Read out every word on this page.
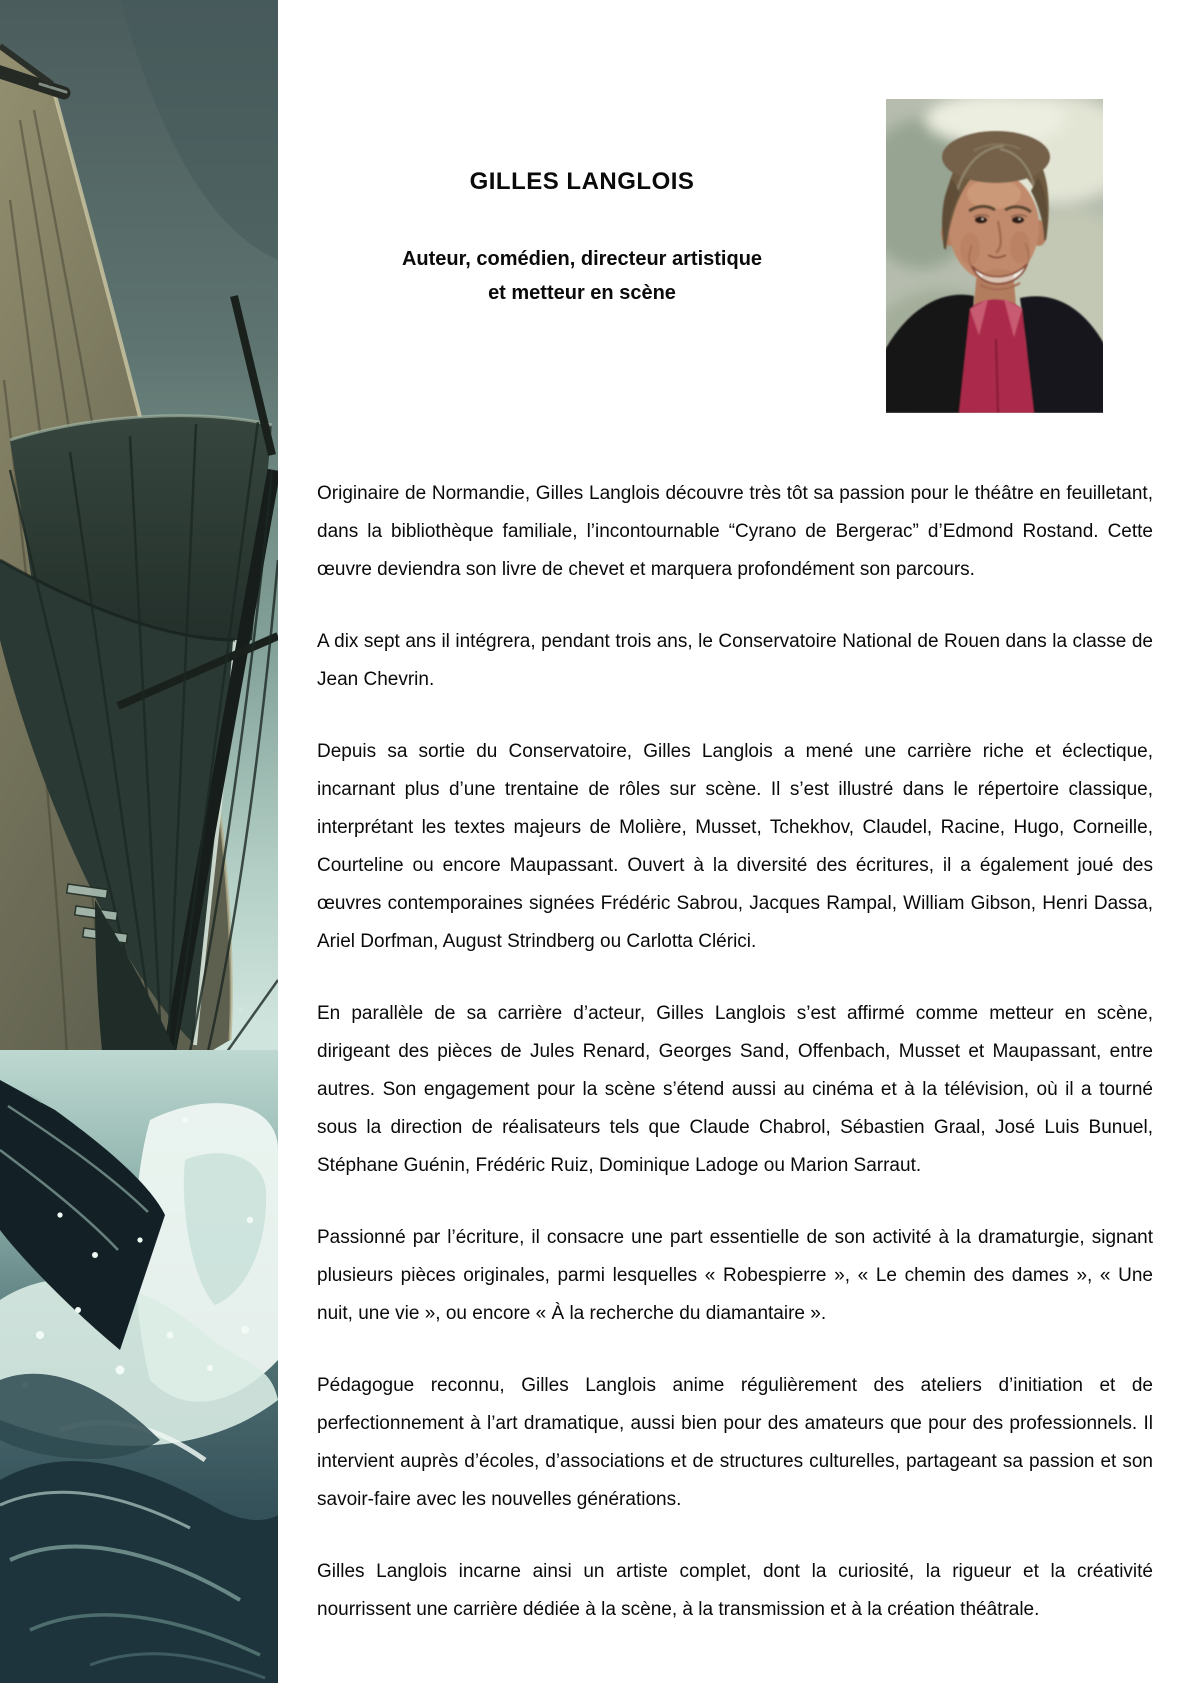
GILLES LANGLOIS
Auteur, comédien, directeur artistique
et metteur en scène

Originaire de Normandie, Gilles Langlois découvre très tôt sa passion pour le théâtre en feuilletant, dans la bibliothèque familiale, l’incontournable “Cyrano de Bergerac” d’Edmond Rostand. Cette œuvre deviendra son livre de chevet et marquera profondément son parcours.

A dix sept ans il intégrera, pendant trois ans, le Conservatoire National de Rouen dans la classe de Jean Chevrin.

Depuis sa sortie du Conservatoire, Gilles Langlois a mené une carrière riche et éclectique, incarnant plus d’une trentaine de rôles sur scène. Il s’est illustré dans le répertoire classique, interprétant les textes majeurs de Molière, Musset, Tchekhov, Claudel, Racine, Hugo, Corneille, Courteline ou encore Maupassant. Ouvert à la diversité des écritures, il a également joué des œuvres contemporaines signées Frédéric Sabrou, Jacques Rampal, William Gibson, Henri Dassa, Ariel Dorfman, August Strindberg ou Carlotta Clérici.

En parallèle de sa carrière d’acteur, Gilles Langlois s’est affirmé comme metteur en scène, dirigeant des pièces de Jules Renard, Georges Sand, Offenbach, Musset et Maupassant, entre autres. Son engagement pour la scène s’étend aussi au cinéma et à la télévision, où il a tourné sous la direction de réalisateurs tels que Claude Chabrol, Sébastien Graal, José Luis Bunuel, Stéphane Guénin, Frédéric Ruiz, Dominique Ladoge ou Marion Sarraut.

Passionné par l’écriture, il consacre une part essentielle de son activité à la dramaturgie, signant plusieurs pièces originales, parmi lesquelles « Robespierre », « Le chemin des dames », « Une nuit, une vie », ou encore « À la recherche du diamantaire ».

Pédagogue reconnu, Gilles Langlois anime régulièrement des ateliers d’initiation et de perfectionnement à l’art dramatique, aussi bien pour des amateurs que pour des professionnels. Il intervient auprès d’écoles, d’associations et de structures culturelles, partageant sa passion et son savoir-faire avec les nouvelles générations.

Gilles Langlois incarne ainsi un artiste complet, dont la curiosité, la rigueur et la créativité nourrissent une carrière dédiée à la scène, à la transmission et à la création théâtrale.
